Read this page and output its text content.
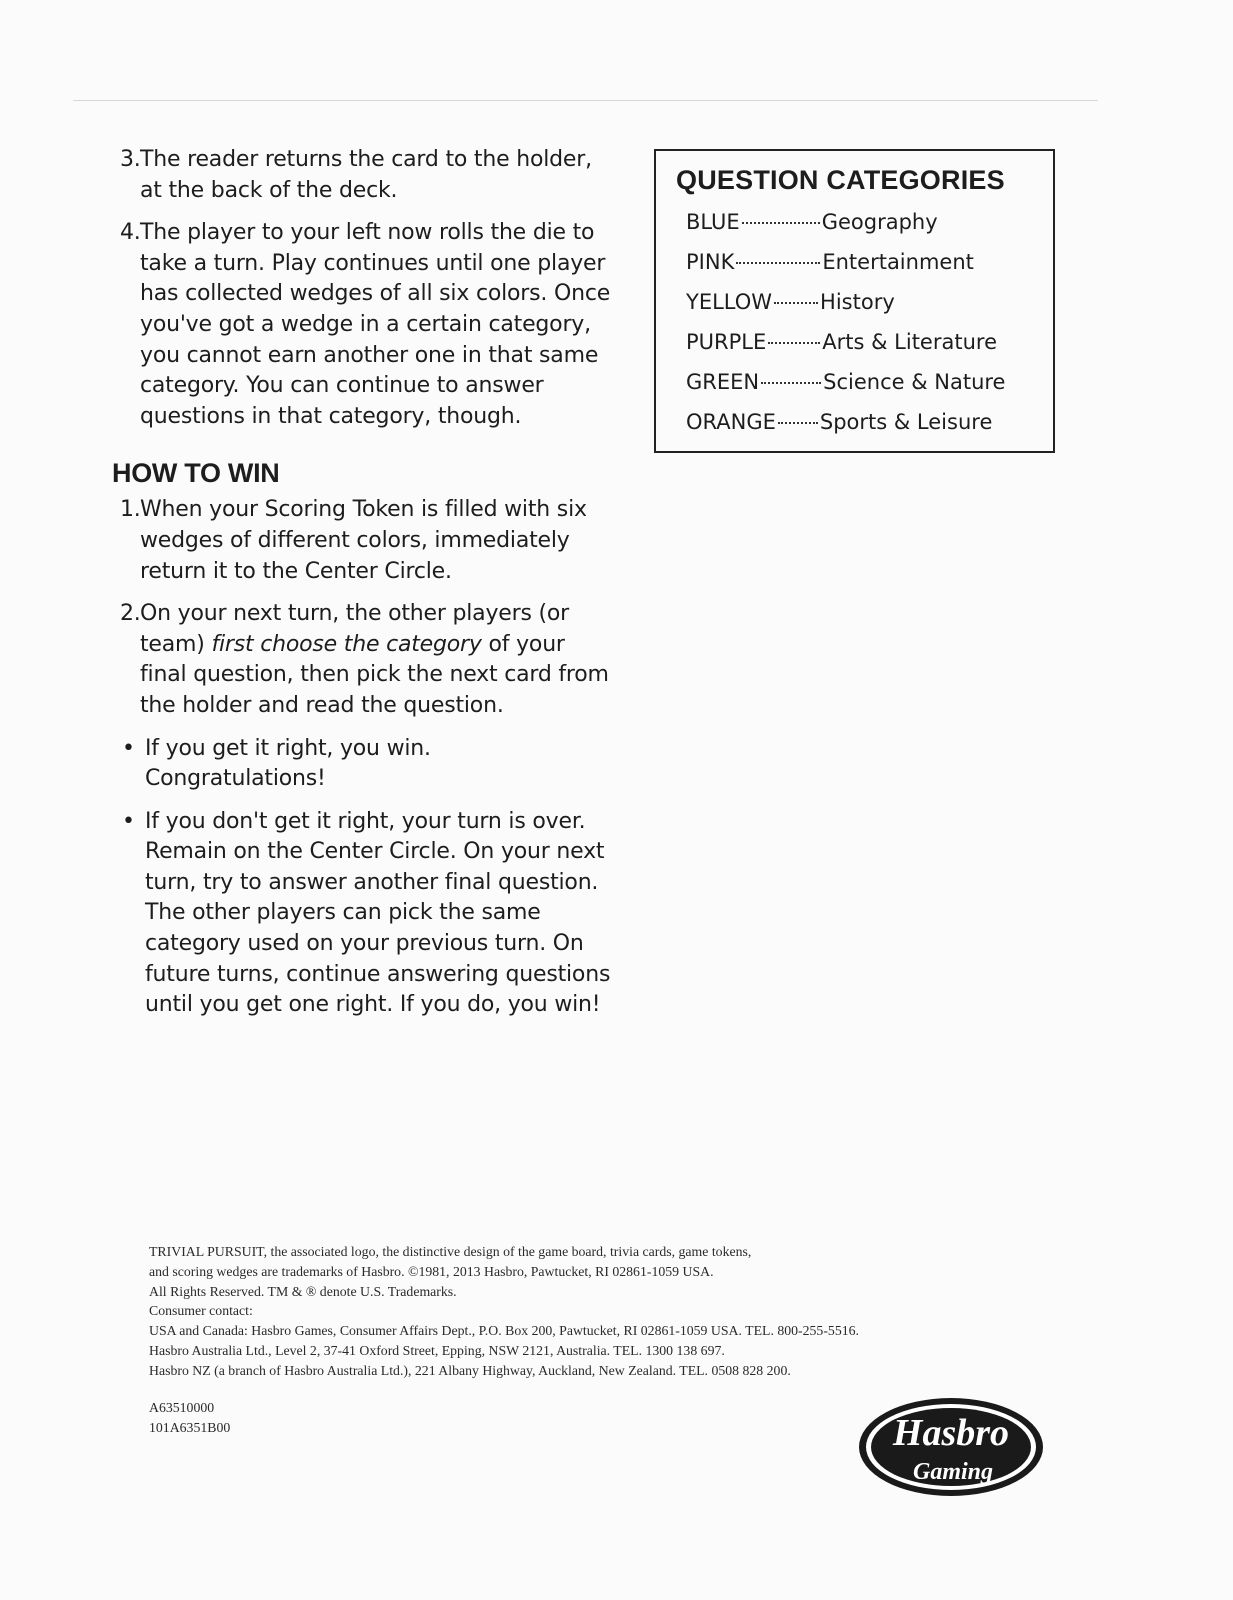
3. The reader returns the card to the holder, at the back of the deck.
4. The player to your left now rolls the die to take a turn. Play continues until one player has collected wedges of all six colors. Once you've got a wedge in a certain category, you cannot earn another one in that same category. You can continue to answer questions in that category, though.
HOW TO WIN
1. When your Scoring Token is filled with six wedges of different colors, immediately return it to the Center Circle.
2. On your next turn, the other players (or team) first choose the category of your final question, then pick the next card from the holder and read the question.
• If you get it right, you win. Congratulations!
• If you don't get it right, your turn is over. Remain on the Center Circle. On your next turn, try to answer another final question. The other players can pick the same category used on your previous turn. On future turns, continue answering questions until you get one right. If you do, you win!
QUESTION CATEGORIES
BLUE	Geography
PINK	Entertainment
YELLOW History
PURPLE	Arts & Literature
GREEN	Science & Nature
ORANGE Sports & Leisure

TRIVIAL PURSUIT, the associated logo, the distinctive design of the game board, trivia cards, game tokens,

and scoring wedges are trademarks of Hasbro. ©1981, 2013 Hasbro, Pawtucket, RI 02861-1059 USA.

All Rights Reserved. TM & ® denote U.S. Trademarks.

Consumer contact:

USA and Canada: Hasbro Games, Consumer Affairs Dept., P.O. Box 200, Pawtucket, RI 02861-1059 USA. TEL. 800-255-5516.

Hasbro Australia Ltd., Level 2, 37-41 Oxford Street, Epping, NSW 2121, Australia. TEL. 1300 138 697.

Hasbro NZ (a branch of Hasbro Australia Ltd.), 221 Albany Highway, Auckland, New Zealand. TEL. 0508 828 200.

A63510000
101A6351B00	Hasbro
Gaming
